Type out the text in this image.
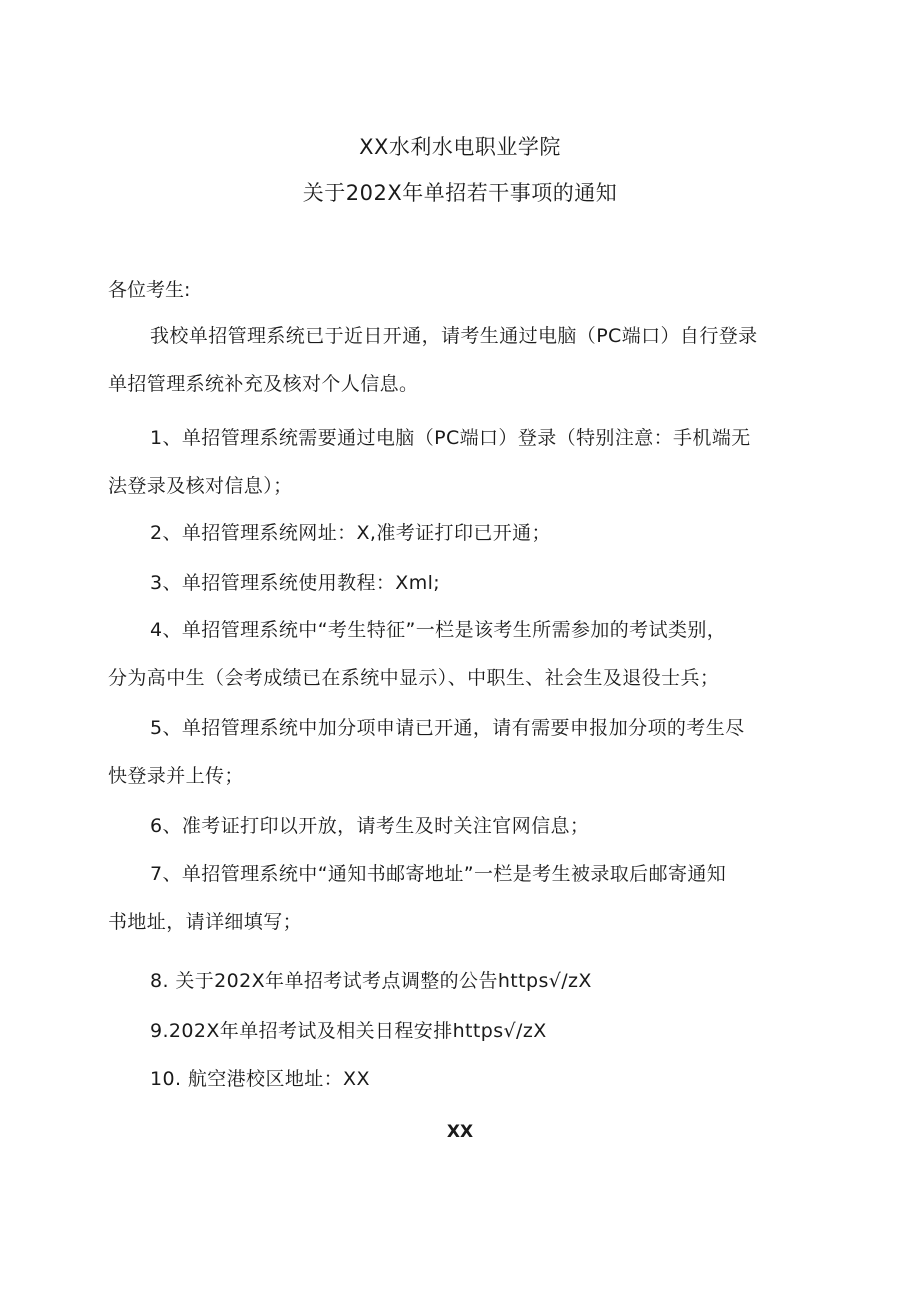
XX水利水电职业学院
关于202X年单招若干事项的通知
各位考生:
我校单招管理系统已于近日开通，请考生通过电脑（PC端口）自行登录
单招管理系统补充及核对个人信息。
1、单招管理系统需要通过电脑（PC端口）登录（特别注意：手机端无
法登录及核对信息）；
2、单招管理系统网址：X,准考证打印已开通；
3、单招管理系统使用教程：Xml;
4、单招管理系统中“考生特征”一栏是该考生所需参加的考试类别，
分为高中生（会考成绩已在系统中显示）、中职生、社会生及退役士兵；
5、单招管理系统中加分项申请已开通，请有需要申报加分项的考生尽
快登录并上传；
6、准考证打印以开放，请考生及时关注官网信息；
7、单招管理系统中“通知书邮寄地址”一栏是考生被录取后邮寄通知
书地址，请详细填写；
8. 关于202X年单招考试考点调整的公告https√/zX
9.202X年单招考试及相关日程安排https√/zX
10. 航空港校区地址：XX
XX
